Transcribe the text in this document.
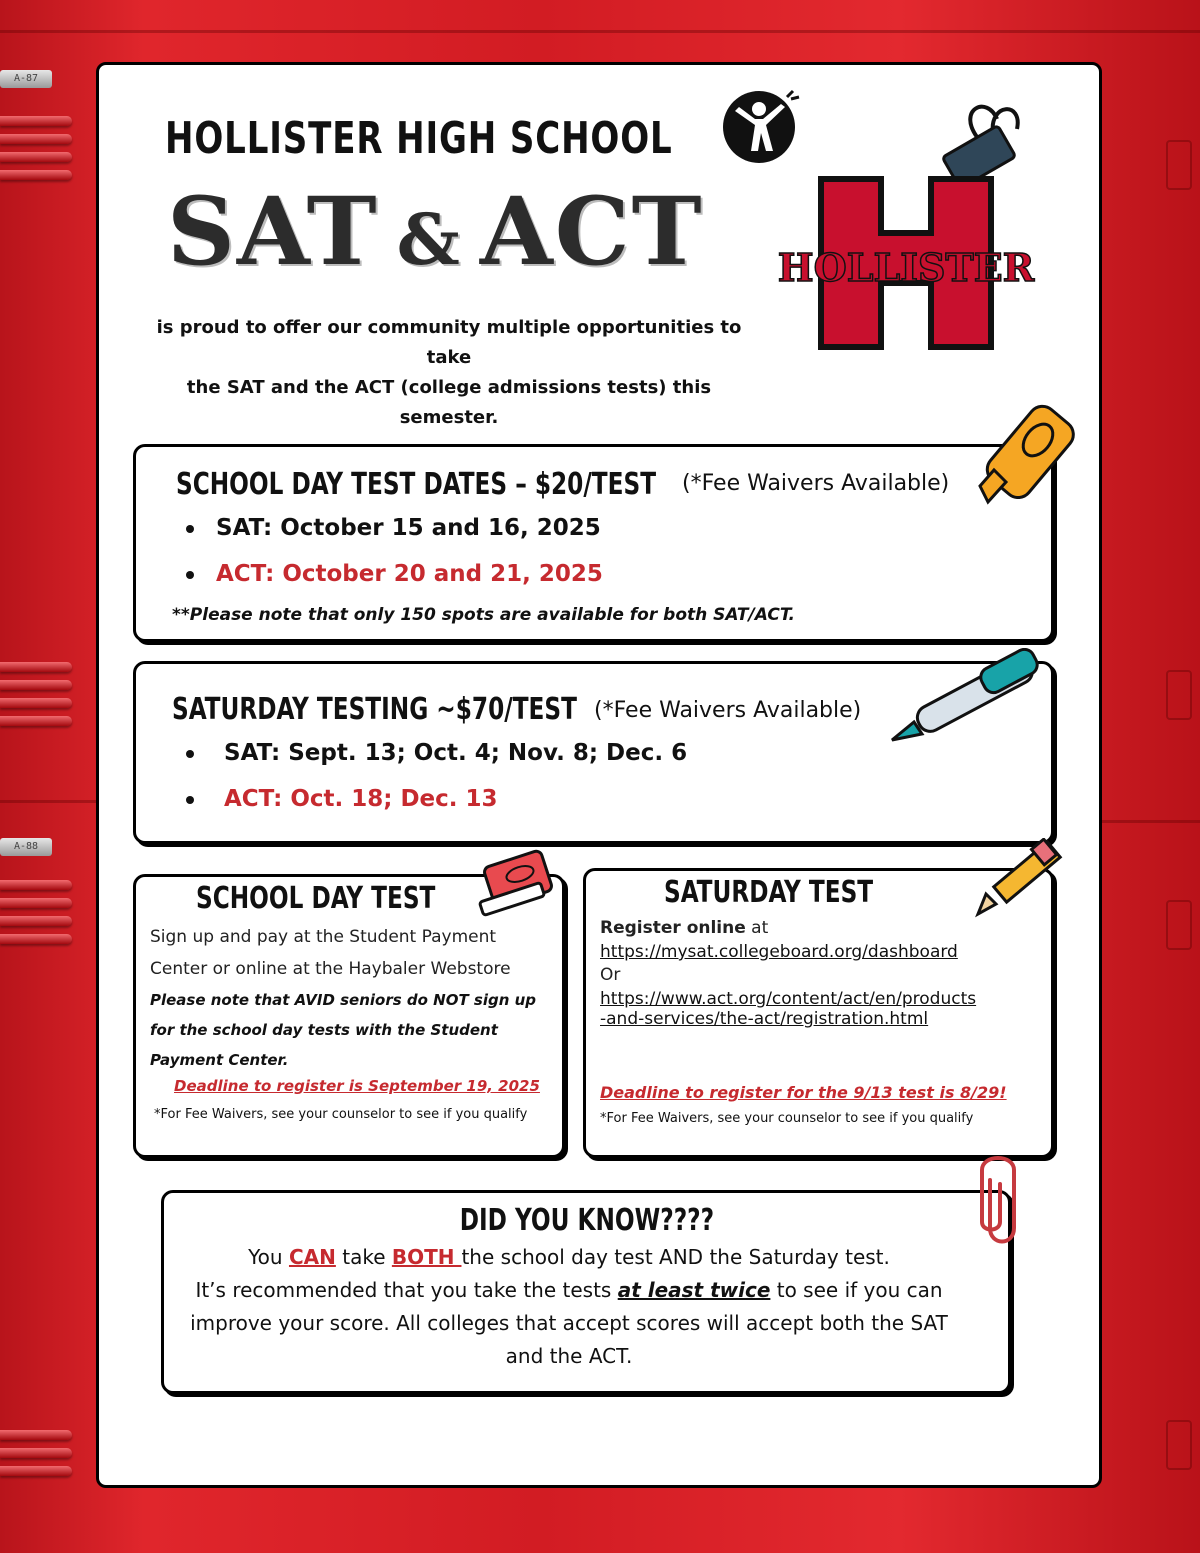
A-87
A-88
HOLLISTER HIGH SCHOOL
SAT & ACT HOLLISTER
is proud to offer our community multiple opportunities to take
the SAT and the ACT (college admissions tests) this semester.
SCHOOL DAY TEST DATES – $20/TEST	(*Fee Waivers Available)
SAT: October 15 and 16, 2025
ACT: October 20 and 21, 2025
**Please note that only 150 spots are available for both SAT/ACT.
SATURDAY TESTING ~$70/TEST (*Fee Waivers Available)
SAT: Sept. 13; Oct. 4; Nov. 8; Dec. 6
ACT: Oct. 18; Dec. 13
SCHOOL DAY TEST
Sign up and pay at the Student Payment
Center or online at the Haybaler Webstore
Please note that AVID seniors do NOT sign up
for the school day tests with the Student
Payment Center.
Deadline to register is September 19, 2025
*For Fee Waivers, see your counselor to see if you qualify
SATURDAY TEST
Register online at
https://mysat.collegeboard.org/dashboard
Or
https://www.act.org/content/act/en/products
-and-services/the-act/registration.html
Deadline to register for the 9/13 test is 8/29!
*For Fee Waivers, see your counselor to see if you qualify
DID YOU KNOW????
You CAN take BOTH the school day test AND the Saturday test.
It’s recommended that you take the tests at least twice to see if you can
improve your score. All colleges that accept scores will accept both the SAT
and the ACT.
